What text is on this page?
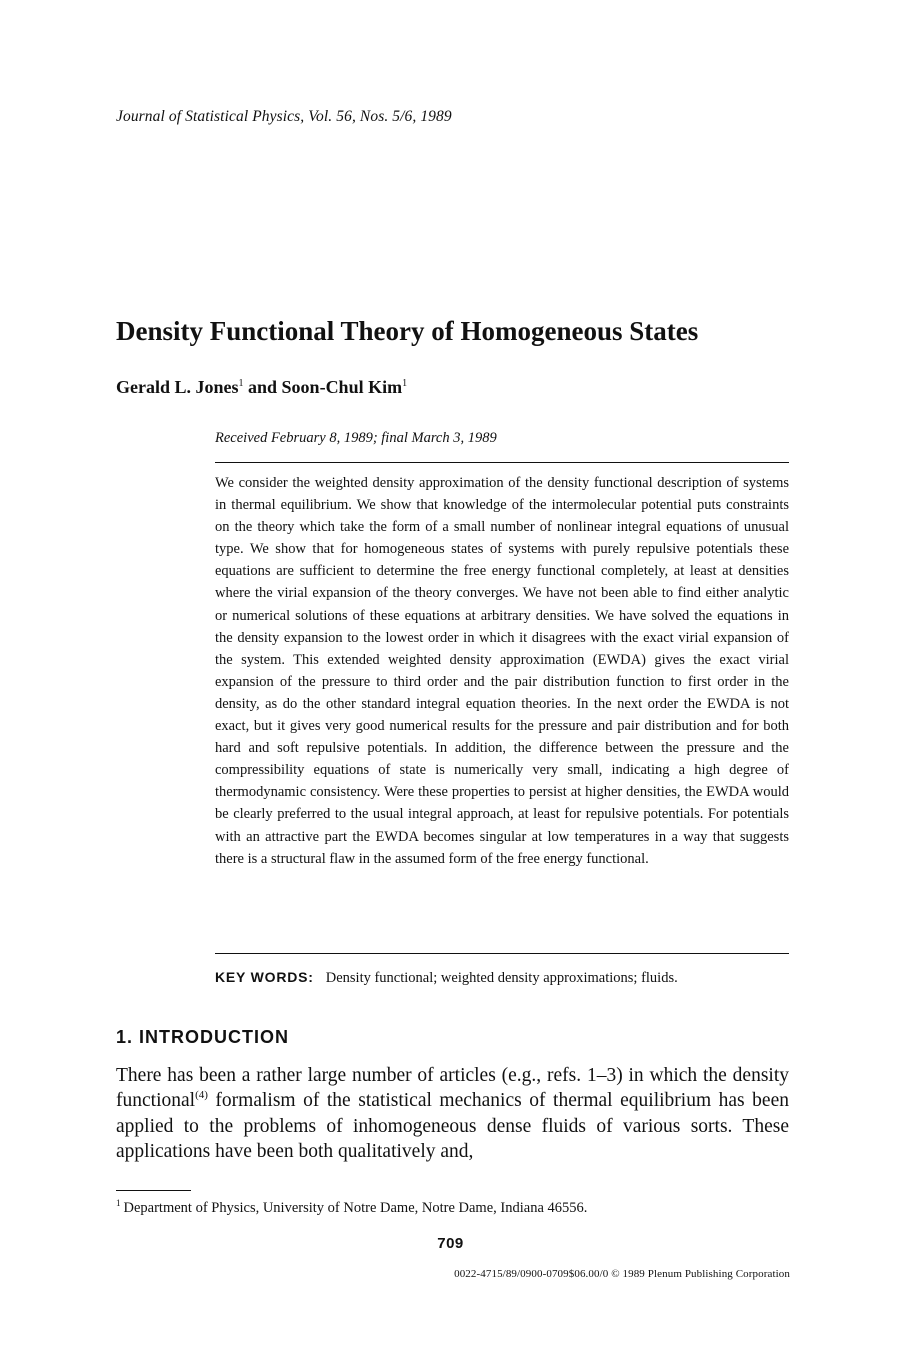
Journal of Statistical Physics, Vol. 56, Nos. 5/6, 1989
Density Functional Theory of Homogeneous States
Gerald L. Jones$^1$ and Soon-Chul Kim$^1$
Received February 8, 1989; final March 3, 1989

We consider the weighted density approximation of the density functional description of systems in thermal equilibrium. We show that knowledge of the intermolecular potential puts constraints on the theory which take the form of a small number of nonlinear integral equations of unusual type. We show that for homogeneous states of systems with purely repulsive potentials these equations are sufficient to determine the free energy functional completely, at least at densities where the virial expansion of the theory converges. We have not been able to find either analytic or numerical solutions of these equations at arbitrary densities. We have solved the equations in the density expansion to the lowest order in which it disagrees with the exact virial expansion of the system. This extended weighted density approximation (EWDA) gives the exact virial expansion of the pressure to third order and the pair distribution function to first order in the density, as do the other standard integral equation theories. In the next order the EWDA is not exact, but it gives very good numerical results for the pressure and pair distribution and for both hard and soft repulsive potentials. In addition, the difference between the pressure and the compressibility equations of state is numerically very small, indicating a high degree of thermodynamic consistency. Were these properties to persist at higher densities, the EWDA would be clearly preferred to the usual integral approach, at least for repulsive potentials. For potentials with an attractive part the EWDA becomes singular at low temperatures in a way that suggests there is a structural flaw in the assumed form of the free energy functional.

KEY WORDS: Density functional; weighted density approximations; fluids.
1. INTRODUCTION

There has been a rather large number of articles (e.g., refs. 1–3) in which the density functional$^{(4)}$ formalism of the statistical mechanics of thermal equilibrium has been applied to the problems of inhomogeneous dense fluids of various sorts. These applications have been both qualitatively and,

$^1$ Department of Physics, University of Notre Dame, Notre Dame, Indiana 46556.
709
0022-4715/89/0900-0709$06.00/0 © 1989 Plenum Publishing Corporation
